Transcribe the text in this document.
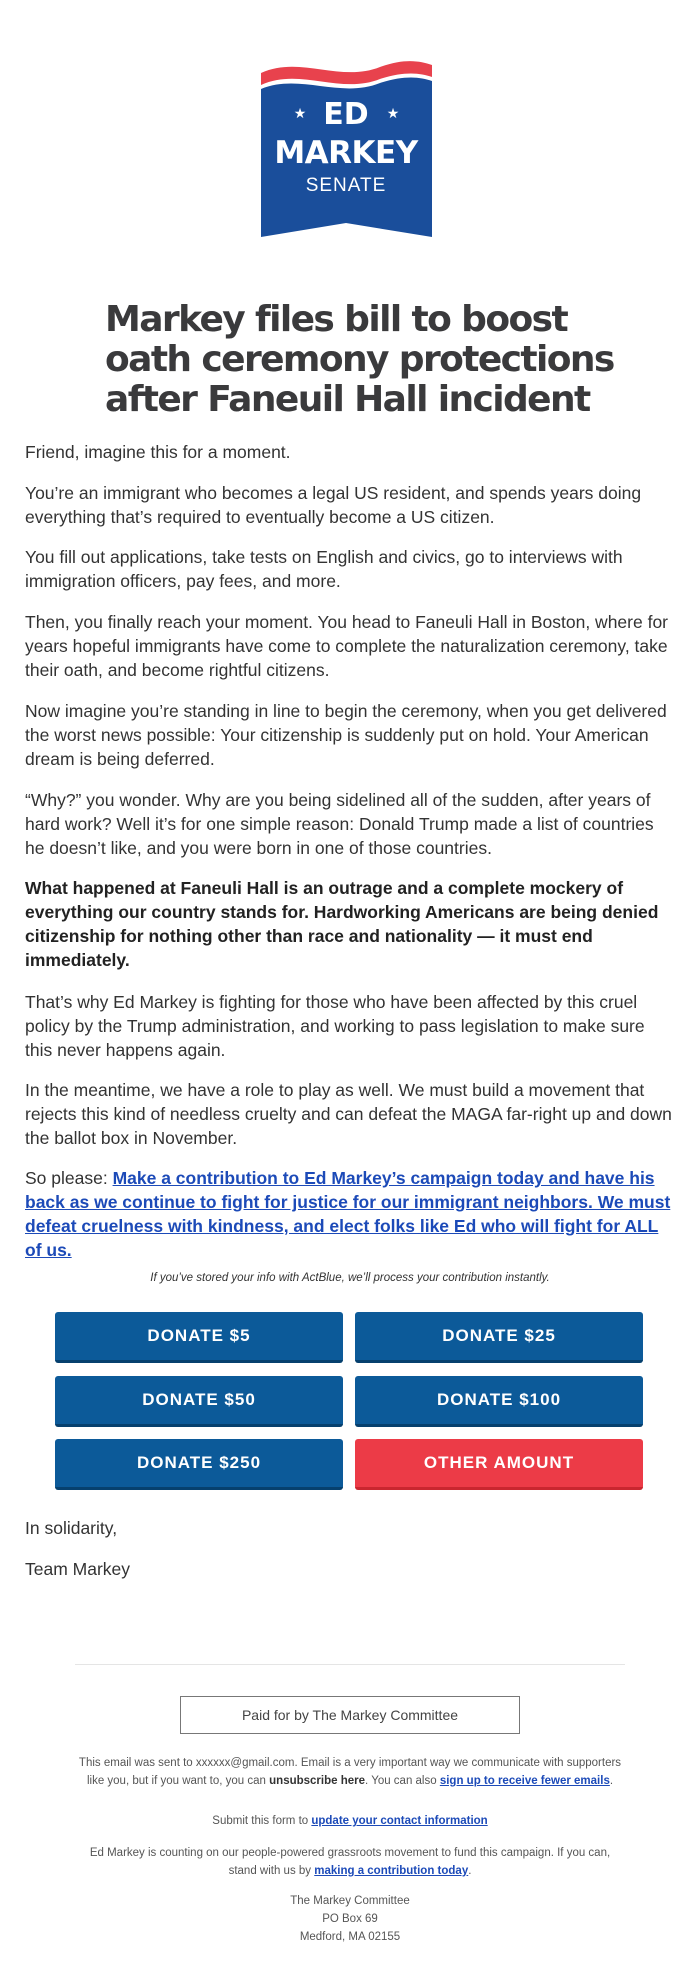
★	★
ED
MARKEY
SENATE
Markey files bill to boost oath ceremony protections after Faneuil Hall incident

Friend, imagine this for a moment.

You’re an immigrant who becomes a legal US resident, and spends years doing everything that’s required to eventually become a US citizen.

You fill out applications, take tests on English and civics, go to interviews with immigration officers, pay fees, and more.

Then, you finally reach your moment. You head to Faneuli Hall in Boston, where for years hopeful immigrants have come to complete the naturalization ceremony, take their oath, and become rightful citizens.

Now imagine you’re standing in line to begin the ceremony, when you get delivered the worst news possible: Your citizenship is suddenly put on hold. Your American dream is being deferred.

“Why?” you wonder. Why are you being sidelined all of the sudden, after years of hard work? Well it’s for one simple reason: Donald Trump made a list of countries he doesn’t like, and you were born in one of those countries.

What happened at Faneuli Hall is an outrage and a complete mockery of everything our country stands for. Hardworking Americans are being denied citizenship for nothing other than race and nationality — it must end immediately.

That’s why Ed Markey is fighting for those who have been affected by this cruel policy by the Trump administration, and working to pass legislation to make sure this never happens again.

In the meantime, we have a role to play as well. We must build a movement that rejects this kind of needless cruelty and can defeat the MAGA far-right up and down the ballot box in November.

So please: Make a contribution to Ed Markey’s campaign today and have his back as we continue to fight for justice for our immigrant neighbors. We must defeat cruelness with kindness, and elect folks like Ed who will fight for ALL of us.

If you’ve stored your info with ActBlue, we’ll process your contribution instantly.
DONATE $5	DONATE $25
DONATE $50	DONATE $100
DONATE $250	OTHER AMOUNT

In solidarity,

Team Markey

Paid for by The Markey Committee

This email was sent to xxxxxx@gmail.com. Email is a very important way we communicate with supporters like you, but if you want to, you can unsubscribe here. You can also sign up to receive fewer emails.

Submit this form to update your contact information

Ed Markey is counting on our people-powered grassroots movement to fund this campaign. If you can, stand with us by making a contribution today.

The Markey Committee
PO Box 69
Medford, MA 02155
